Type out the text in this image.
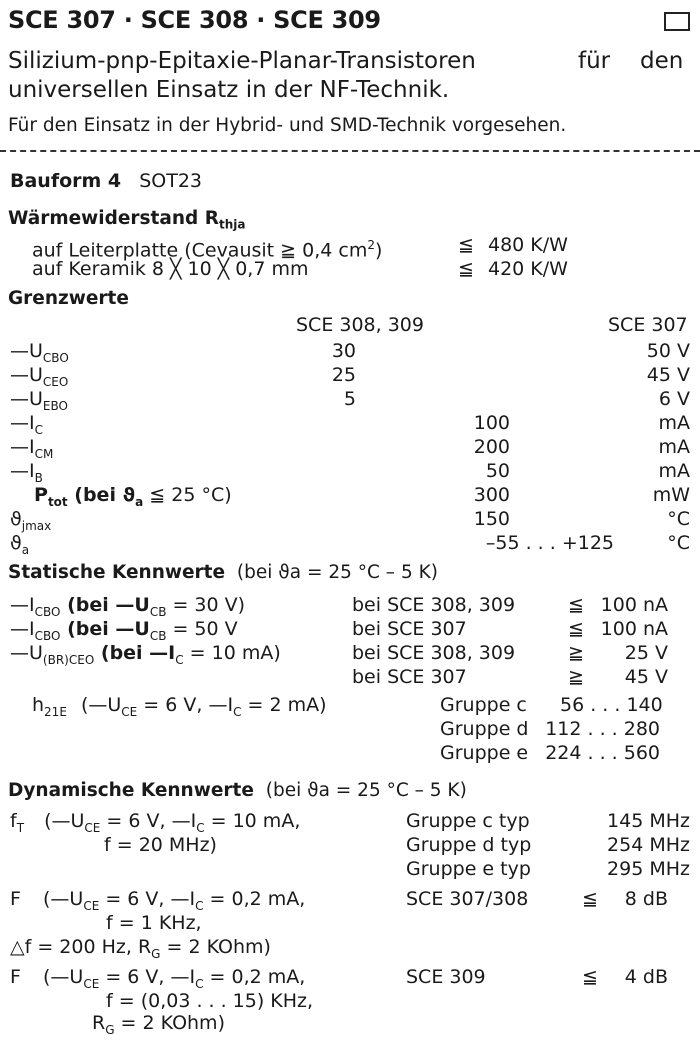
SCE 307 · SCE 308 · SCE 309
Silizium-pnp-Epitaxie-Planar-Transistoren	für den
universellen Einsatz in der NF-Technik.
Für den Einsatz in der Hybrid- und SMD-Technik vorgesehen.
Bauform 4 SOT23
Wärmewiderstand $R_{thja}$
auf Leiterplatte (Cevausit ≧ 0,4 $cm^2$)	≦ 480 K/W
auf Keramik 8 ╳ 10 ╳ 0,7 mm	≦ 420 K/W
Grenzwerte
SCE 308, 309	SCE 307
$—U_{CBO}$	30	50 V
$—U_{CEO}$	25	45 V
$—U_{EBO}$	5	6 V
$—I_C$	100	mA
$—I_{CM}$	200	mA
$—I_B$	50	mA
$P_{tot}$ (bei $ϑ_a$ ≦ 25 °C)	300	mW
$ϑ_{jmax}$	150	°C
$ϑ_a$	–55 . . . +125	°C
Statische Kennwerte (bei ϑa = 25 °C – 5 K)
$—I_{CBO}$ (bei $—U_{CB} = 30$ V)	bei SCE 308, 309	≦ 100 nA
$—I_{CBO}$ (bei $—U_{CB} = 50$ V	bei SCE 307	≦ 100 nA
$—U_{(BR)CEO}$ (bei $—I_C = 10$ mA)	bei SCE 308, 309	≧	25 V
bei SCE 307	≧	45 V
$h_{21E}$ ($—U_{CE} = 6$ V, $—I_C = 2$ mA)	Gruppe c 56 . . . 140
Gruppe d 112 . . . 280
Gruppe e 224 . . . 560
Dynamische Kennwerte (bei ϑa = 25 °C – 5 K)
$f_T$ ($—U_{CE} = 6$ V, $—I_C = 10$ mA,
f = 20 MHz)
Gruppe c typ	145 MHz
Gruppe d typ	254 MHz
Gruppe e typ	295 MHz
F ($—U_{CE} = 6$ V, $—I_C = 0,2$ mA,
f = 1 KHz,
△f = 200 Hz, $R_G = 2$ KOhm)
SCE 307/308	≦	8 dB
F ($—U_{CE} = 6$ V, $—I_C = 0,2$ mA,
f = (0,03 . . . 15) KHz,
$R_G = 2$ KOhm)
SCE 309	≦	4 dB
